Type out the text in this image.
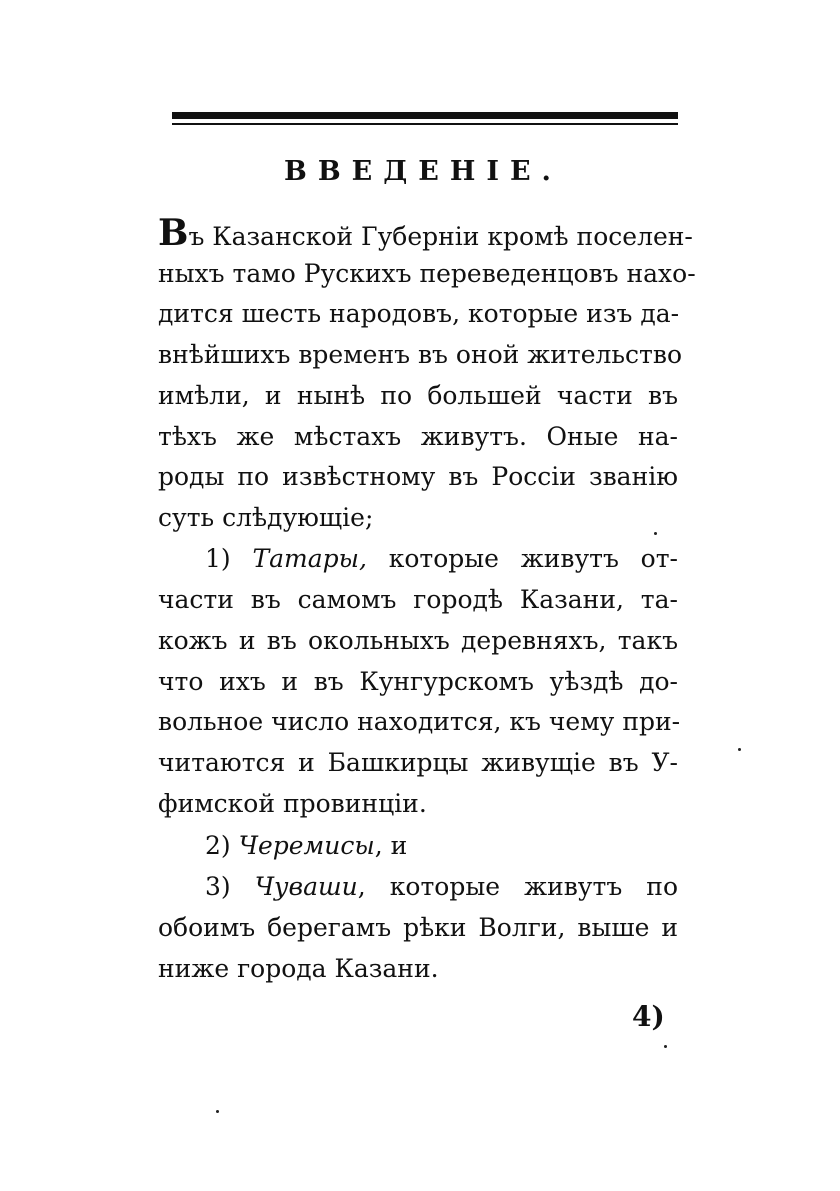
ВВЕДЕНІЕ.
Въ Казанской Губерніи кромѣ поселен-
ныхъ тамо Рускихъ переведенцовъ нахо-
дится шесть народовъ, которые изъ да-
внѣйшихъ временъ въ оной жительство
имѣли, и нынѣ по большей части въ
тѣхъ же мѣстахъ живутъ. Оные на-
роды по извѣстному въ Россіи званію
суть слѣдующіе;
1) Татары, которые живутъ от-
части въ самомъ городѣ Казани, та-
кожъ и въ окольныхъ деревняхъ, такъ
что ихъ и въ Кунгурскомъ уѣздѣ до-
вольное число находится, къ чему при-
читаются и Башкирцы живущіе въ У-
фимской провинціи.
2) Черемисы, и
3) Чуваши, которые живутъ по
обоимъ берегамъ рѣки Волги, выше и
ниже города Казани.
4)
